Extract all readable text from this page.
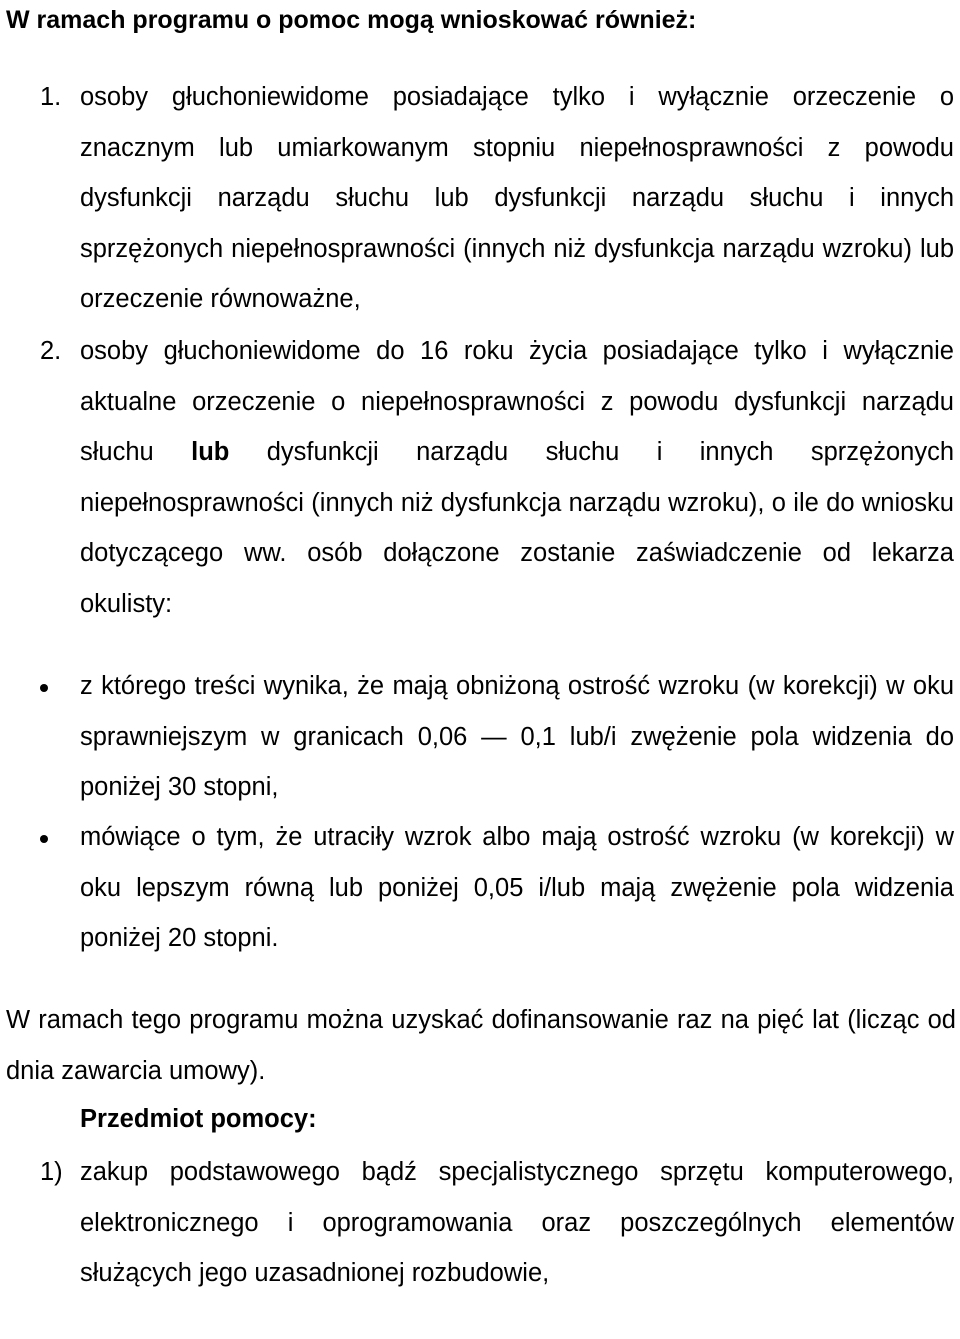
W ramach programu o pomoc mogą wnioskować również:
1. osoby głuchoniewidome posiadające tylko i wyłącznie orzeczenie o znacznym lub umiarkowanym stopniu niepełnosprawności z powodu dysfunkcji narządu słuchu lub dysfunkcji narządu słuchu i innych sprzężonych niepełnosprawności (innych niż dysfunkcja narządu wzroku) lub orzeczenie równoważne,
2. osoby głuchoniewidome do 16 roku życia posiadające tylko i wyłącznie aktualne orzeczenie o niepełnosprawności z powodu dysfunkcji narządu słuchu lub dysfunkcji narządu słuchu i innych sprzężonych niepełnosprawności (innych niż dysfunkcja narządu wzroku), o ile do wniosku dotyczącego ww. osób dołączone zostanie zaświadczenie od lekarza okulisty:
z którego treści wynika, że mają obniżoną ostrość wzroku (w korekcji) w oku sprawniejszym w granicach 0,06 — 0,1 lub/i zwężenie pola widzenia do poniżej 30 stopni,
mówiące o tym, że utraciły wzrok albo mają ostrość wzroku (w korekcji) w oku lepszym równą lub poniżej 0,05 i/lub mają zwężenie pola widzenia poniżej 20 stopni.
W ramach tego programu można uzyskać dofinansowanie raz na pięć lat (licząc od dnia zawarcia umowy).
Przedmiot pomocy:
1) zakup podstawowego bądź specjalistycznego sprzętu komputerowego, elektronicznego i oprogramowania oraz poszczególnych elementów służących jego uzasadnionej rozbudowie,
